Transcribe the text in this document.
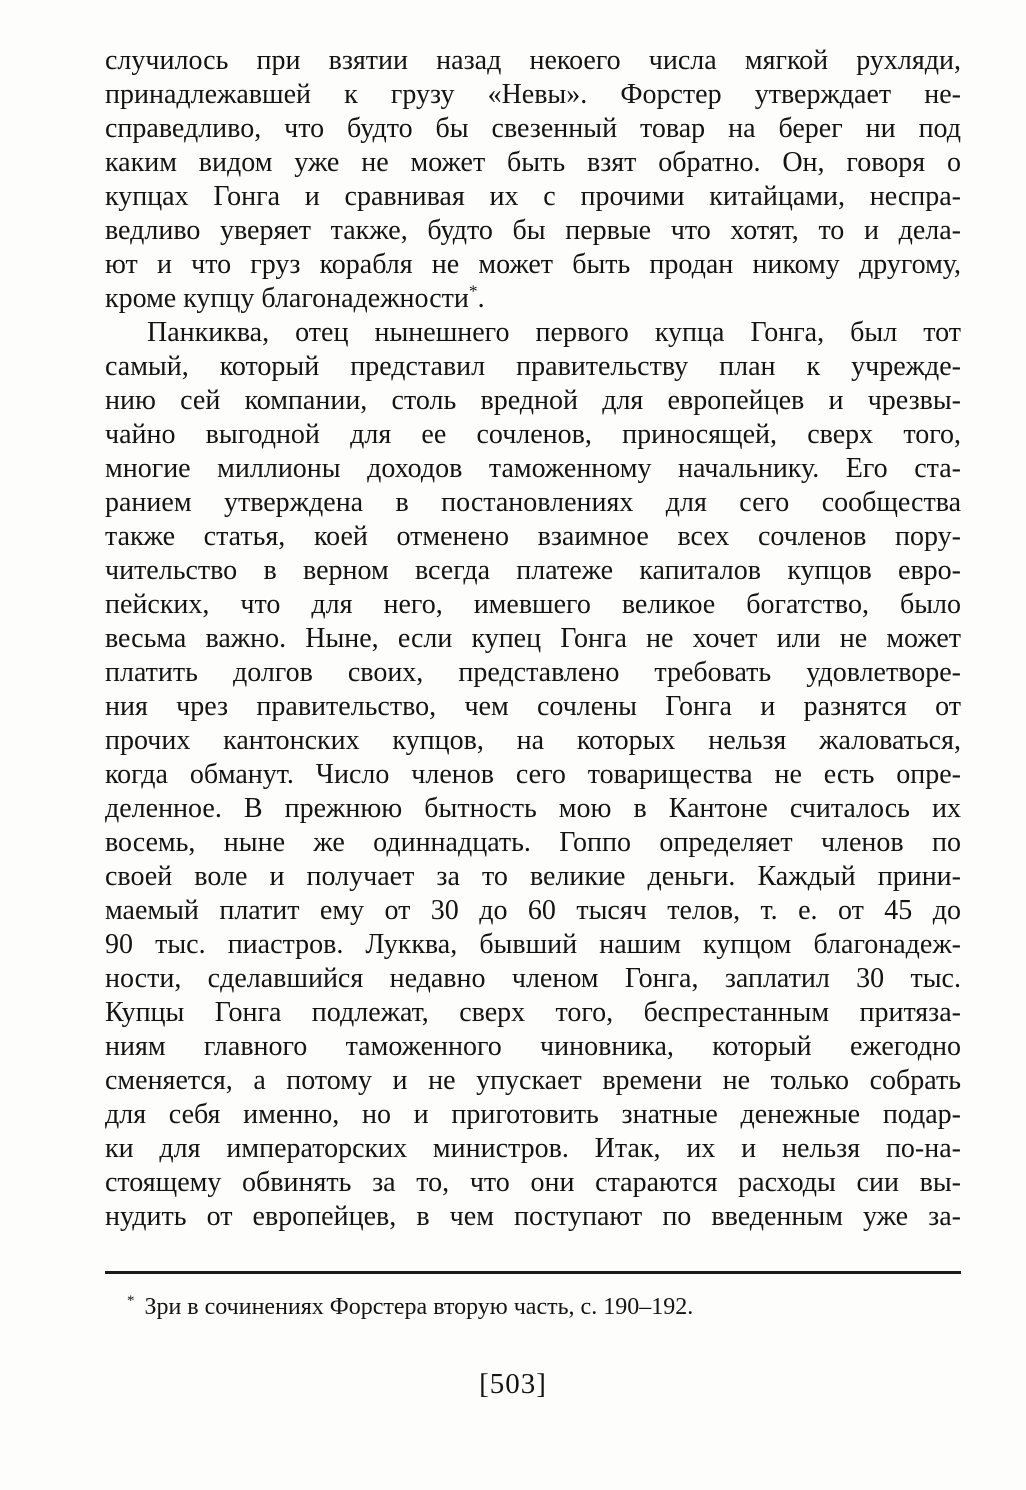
случилось при взятии назад некоего числа мягкой рухляди,
принадлежавшей к грузу «Невы». Форстер утверждает не-
справедливо, что будто бы свезенный товар на берег ни под
каким видом уже не может быть взят обратно. Он, говоря о
купцах Гонга и сравнивая их с прочими китайцами, неспра-
ведливо уверяет также, будто бы первые что хотят, то и дела-
ют и что груз корабля не может быть продан никому другому,
кроме купцу благонадежности*.
Панкиква, отец нынешнего первого купца Гонга, был тот
самый, который представил правительству план к учрежде-
нию сей компании, столь вредной для европейцев и чрезвы-
чайно выгодной для ее сочленов, приносящей, сверх того,
многие миллионы доходов таможенному начальнику. Его ста-
ранием утверждена в постановлениях для сего сообщества
также статья, коей отменено взаимное всех сочленов пору-
чительство в верном всегда платеже капиталов купцов евро-
пейских, что для него, имевшего великое богатство, было
весьма важно. Ныне, если купец Гонга не хочет или не может
платить долгов своих, представлено требовать удовлетворе-
ния чрез правительство, чем сочлены Гонга и разнятся от
прочих кантонских купцов, на которых нельзя жаловаться,
когда обманут. Число членов сего товарищества не есть опре-
деленное. В прежнюю бытность мою в Кантоне считалось их
восемь, ныне же одиннадцать. Гоппо определяет членов по
своей воле и получает за то великие деньги. Каждый прини-
маемый платит ему от 30 до 60 тысяч телов, т. е. от 45 до
90 тыс. пиастров. Лукква, бывший нашим купцом благонадеж-
ности, сделавшийся недавно членом Гонга, заплатил 30 тыс.
Купцы Гонга подлежат, сверх того, беспрестанным притяза-
ниям главного таможенного чиновника, который ежегодно
сменяется, а потому и не упускает времени не только собрать
для себя именно, но и приготовить знатные денежные подар-
ки для императорских министров. Итак, их и нельзя по-на-
стоящему обвинять за то, что они стараются расходы сии вы-
нудить от европейцев, в чем поступают по введенным уже за-
* Зри в сочинениях Форстера вторую часть, с. 190–192.
[503]
